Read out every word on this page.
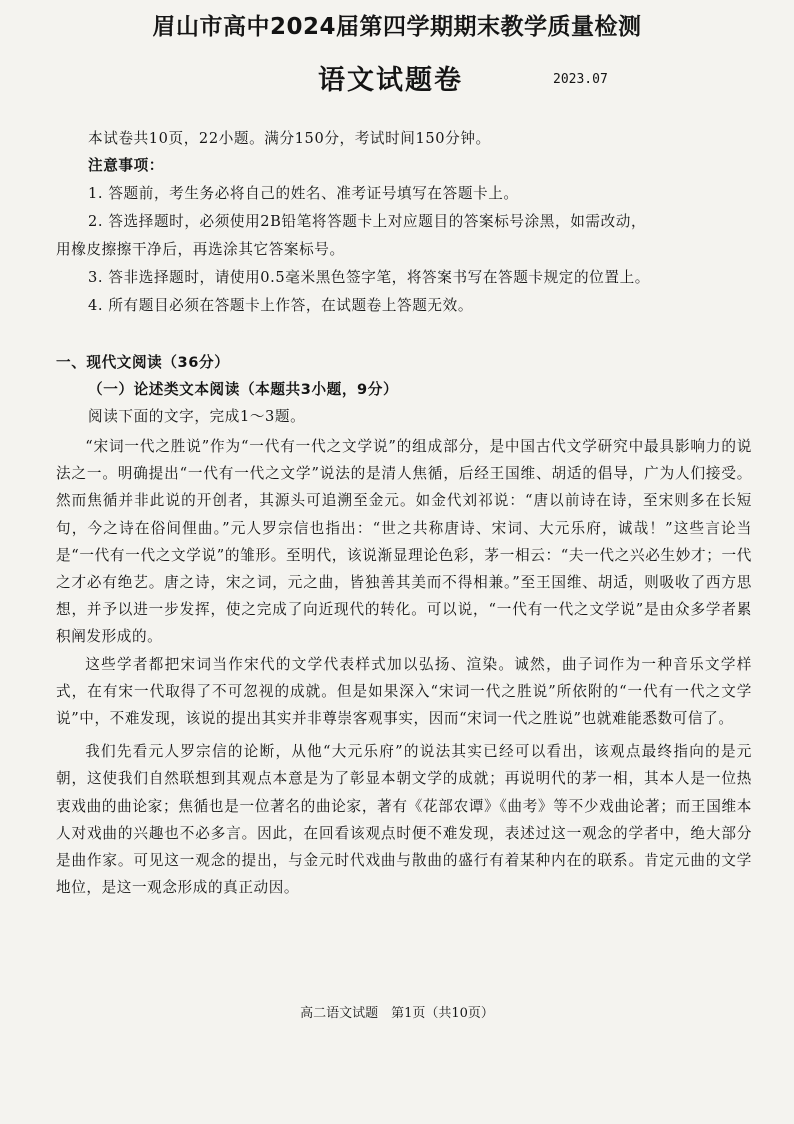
眉山市高中2024届第四学期期末教学质量检测
语文试题卷	2023.07
本试卷共10页，22小题。满分150分，考试时间150分钟。
注意事项：
1. 答题前，考生务必将自己的姓名、准考证号填写在答题卡上。
2. 答选择题时，必须使用2B铅笔将答题卡上对应题目的答案标号涂黑，如需改动，
用橡皮擦擦干净后，再选涂其它答案标号。
3. 答非选择题时，请使用0.5毫米黑色签字笔，将答案书写在答题卡规定的位置上。
4. 所有题目必须在答题卡上作答，在试题卷上答题无效。
一、现代文阅读（36分）
（一）论述类文本阅读（本题共3小题，9分）
阅读下面的文字，完成1～3题。

“宋词一代之胜说”作为“一代有一代之文学说”的组成部分，是中国古代文学研究中最具影响力的说法之一。明确提出“一代有一代之文学”说法的是清人焦循，后经王国维、胡适的倡导，广为人们接受。然而焦循并非此说的开创者，其源头可追溯至金元。如金代刘祁说：“唐以前诗在诗，至宋则多在长短句，今之诗在俗间俚曲。”元人罗宗信也指出：“世之共称唐诗、宋词、大元乐府，诚哉！”这些言论当是“一代有一代之文学说”的雏形。至明代，该说渐显理论色彩，茅一相云：“夫一代之兴必生妙才；一代之才必有绝艺。唐之诗，宋之词，元之曲，皆独善其美而不得相兼。”至王国维、胡适，则吸收了西方思想，并予以进一步发挥，使之完成了向近现代的转化。可以说，“一代有一代之文学说”是由众多学者累积阐发形成的。

这些学者都把宋词当作宋代的文学代表样式加以弘扬、渲染。诚然，曲子词作为一种音乐文学样式，在有宋一代取得了不可忽视的成就。但是如果深入“宋词一代之胜说”所依附的“一代有一代之文学说”中，不难发现，该说的提出其实并非尊崇客观事实，因而“宋词一代之胜说”也就难能悉数可信了。

我们先看元人罗宗信的论断，从他“大元乐府”的说法其实已经可以看出，该观点最终指向的是元朝，这使我们自然联想到其观点本意是为了彰显本朝文学的成就；再说明代的茅一相，其本人是一位热衷戏曲的曲论家；焦循也是一位著名的曲论家，著有《花部农谭》《曲考》等不少戏曲论著；而王国维本人对戏曲的兴趣也不必多言。因此，在回看该观点时便不难发现，表述过这一观念的学者中，绝大部分是曲作家。可见这一观念的提出，与金元时代戏曲与散曲的盛行有着某种内在的联系。肯定元曲的文学地位，是这一观念形成的真正动因。

高二语文试题　第1页（共10页）
